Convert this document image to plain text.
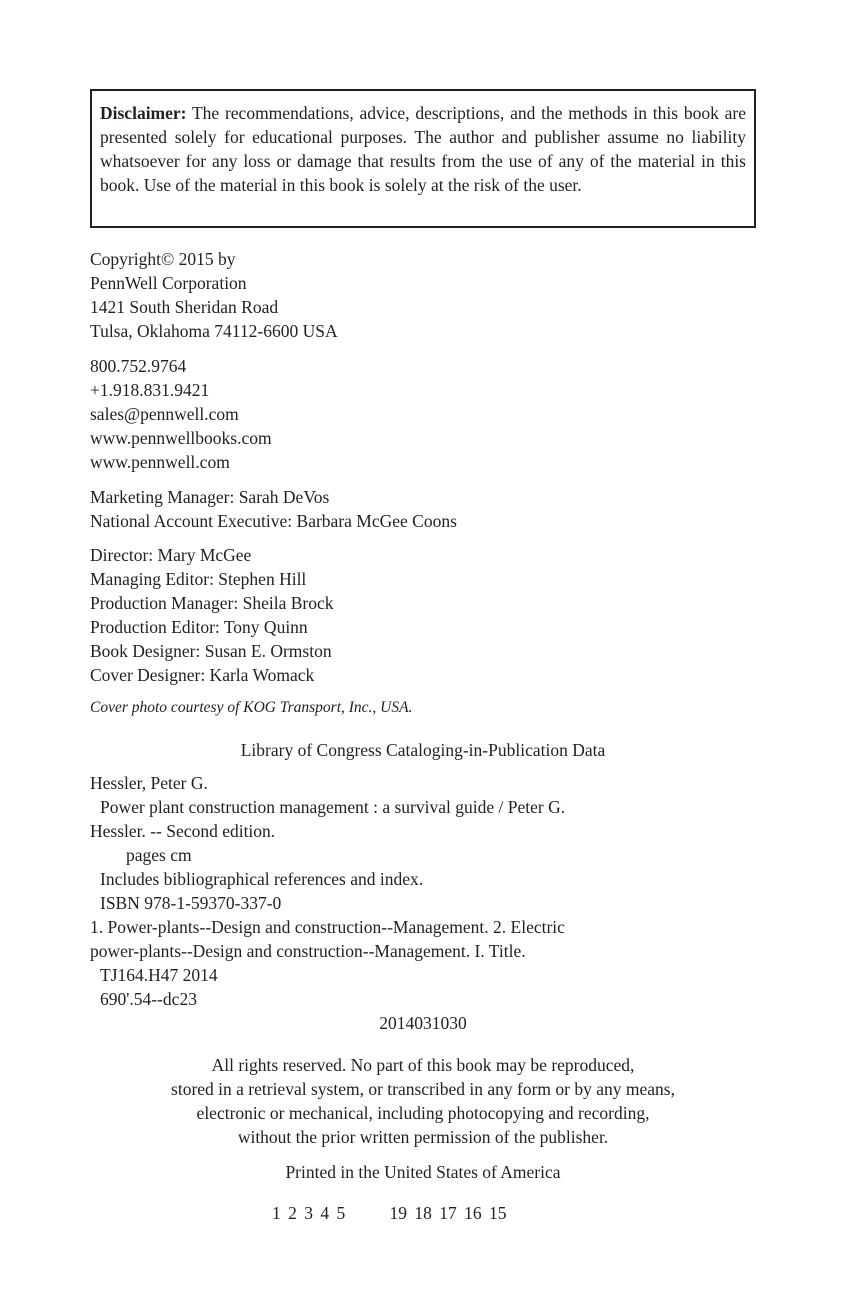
Disclaimer: The recommendations, advice, descriptions, and the methods in this book are presented solely for educational purposes. The author and publisher assume no liability whatsoever for any loss or damage that results from the use of any of the material in this book. Use of the material in this book is solely at the risk of the user.
Copyright© 2015 by
PennWell Corporation
1421 South Sheridan Road
Tulsa, Oklahoma 74112-6600 USA
800.752.9764
+1.918.831.9421
sales@pennwell.com
www.pennwellbooks.com
www.pennwell.com
Marketing Manager: Sarah DeVos
National Account Executive: Barbara McGee Coons
Director: Mary McGee
Managing Editor: Stephen Hill
Production Manager: Sheila Brock
Production Editor: Tony Quinn
Book Designer: Susan E. Ormston
Cover Designer: Karla Womack
Cover photo courtesy of KOG Transport, Inc., USA.
Library of Congress Cataloging-in-Publication Data
Hessler, Peter G.
Power plant construction management : a survival guide / Peter G.
Hessler. -- Second edition.
pages cm
Includes bibliographical references and index.
ISBN 978-1-59370-337-0
1. Power-plants--Design and construction--Management. 2. Electric
power-plants--Design and construction--Management. I. Title.
TJ164.H47 2014
690'.54--dc23
2014031030
All rights reserved. No part of this book may be reproduced,
stored in a retrieval system, or transcribed in any form or by any means,
electronic or mechanical, including photocopying and recording,
without the prior written permission of the publisher.
Printed in the United States of America
1 2 3 4 5      19 18 17 16 15
